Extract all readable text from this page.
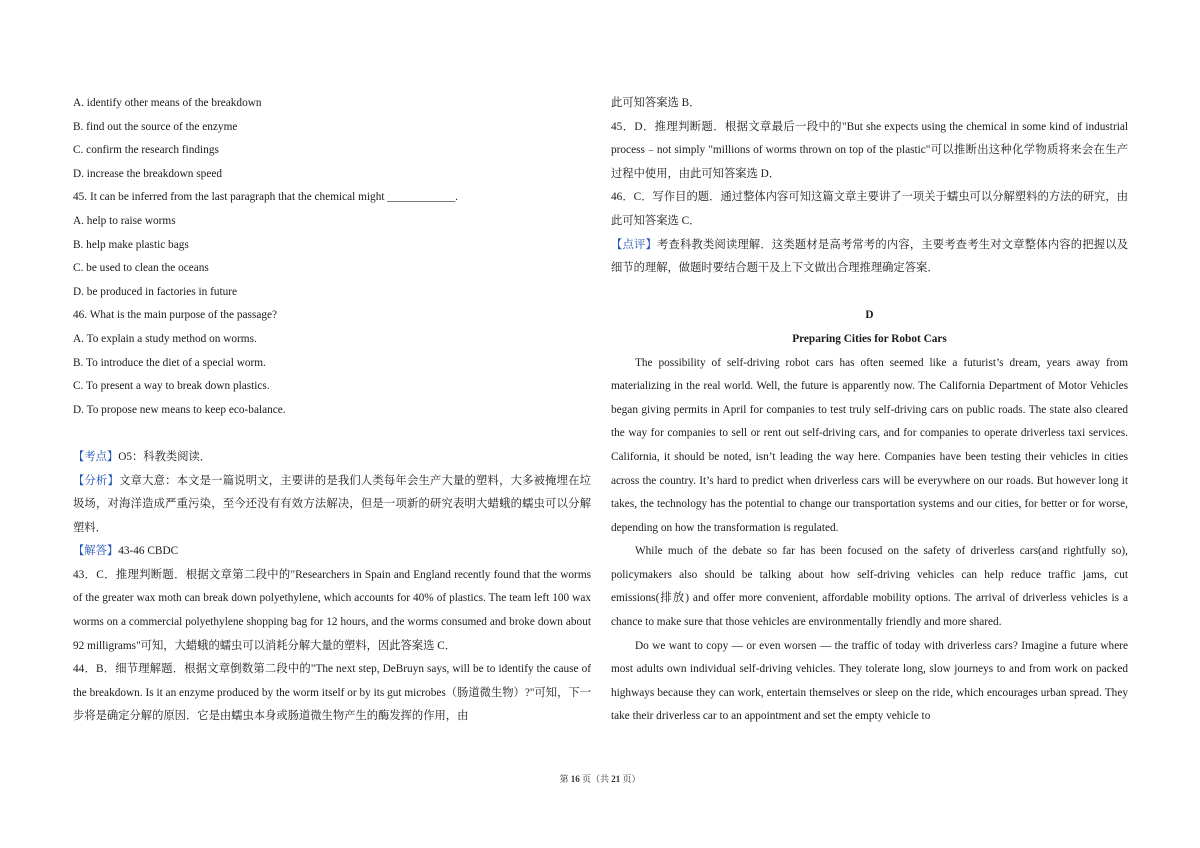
A. identify other means of the breakdown
B. find out the source of the enzyme
C. confirm the research findings
D. increase the breakdown speed
45. It can be inferred from the last paragraph that the chemical might ____________.
A. help to raise worms
B. help make plastic bags
C. be used to clean the oceans
D. be produced in factories in future
46. What is the main purpose of the passage?
A. To explain a study method on worms.
B. To introduce the diet of a special worm.
C. To present a way to break down plastics.
D. To propose new means to keep eco-balance.
【考点】O5：科教类阅读．
【分析】文章大意：本文是一篇说明文，主要讲的是我们人类每年会生产大量的塑料，大多被掩埋在垃圾场，对海洋造成严重污染，至今还没有有效方法解决，但是一项新的研究表明大蜡蛾的蠕虫可以分解塑料．
【解答】43-46 CBDC
43．C．推理判断题．根据文章第二段中的"Researchers in Spain and England recently found that the worms of the greater wax moth can break down polyethylene, which accounts for 40% of plastics. The team left 100 wax worms on a commercial polyethylene shopping bag for 12 hours, and the worms consumed and broke down about 92 milligrams"可知，大蜡蛾的蠕虫可以消耗分解大量的塑料，因此答案选 C．
44．B．细节理解题．根据文章倒数第二段中的"The next step, DeBruyn says, will be to identify the cause of the breakdown. Is it an enzyme produced by the worm itself or by its gut microbes（肠道微生物）?"可知，下一步将是确定分解的原因．它是由蠕虫本身或肠道微生物产生的酶发挥的作用，由
此可知答案选 B．
45．D．推理判断题．根据文章最后一段中的"But she expects using the chemical in some kind of industrial process﹣not simply "millions of worms thrown on top of the plastic"可以推断出这种化学物质将来会在生产过程中使用，由此可知答案选 D．
46．C．写作目的题．通过整体内容可知这篇文章主要讲了一项关于蠕虫可以分解塑料的方法的研究，由此可知答案选 C．
【点评】考查科教类阅读理解．这类题材是高考常考的内容，主要考查考生对文章整体内容的把握以及细节的理解，做题时要结合题干及上下文做出合理推理确定答案．
D
Preparing Cities for Robot Cars
The possibility of self-driving robot cars has often seemed like a futurist’s dream, years away from materializing in the real world. Well, the future is apparently now. The California Department of Motor Vehicles began giving permits in April for companies to test truly self-driving cars on public roads. The state also cleared the way for companies to sell or rent out self-driving cars, and for companies to operate driverless taxi services. California, it should be noted, isn’t leading the way here. Companies have been testing their vehicles in cities across the country. It’s hard to predict when driverless cars will be everywhere on our roads. But however long it takes, the technology has the potential to change our transportation systems and our cities, for better or for worse, depending on how the transformation is regulated.
While much of the debate so far has been focused on the safety of driverless cars(and rightfully so), policymakers also should be talking about how self-driving vehicles can help reduce traffic jams, cut emissions(排放) and offer more convenient, affordable mobility options. The arrival of driverless vehicles is a chance to make sure that those vehicles are environmentally friendly and more shared.
Do we want to copy — or even worsen — the traffic of today with driverless cars? Imagine a future where most adults own individual self-driving vehicles. They tolerate long, slow journeys to and from work on packed highways because they can work, entertain themselves or sleep on the ride, which encourages urban spread. They take their driverless car to an appointment and set the empty vehicle to
第 16 页（共 21 页）
